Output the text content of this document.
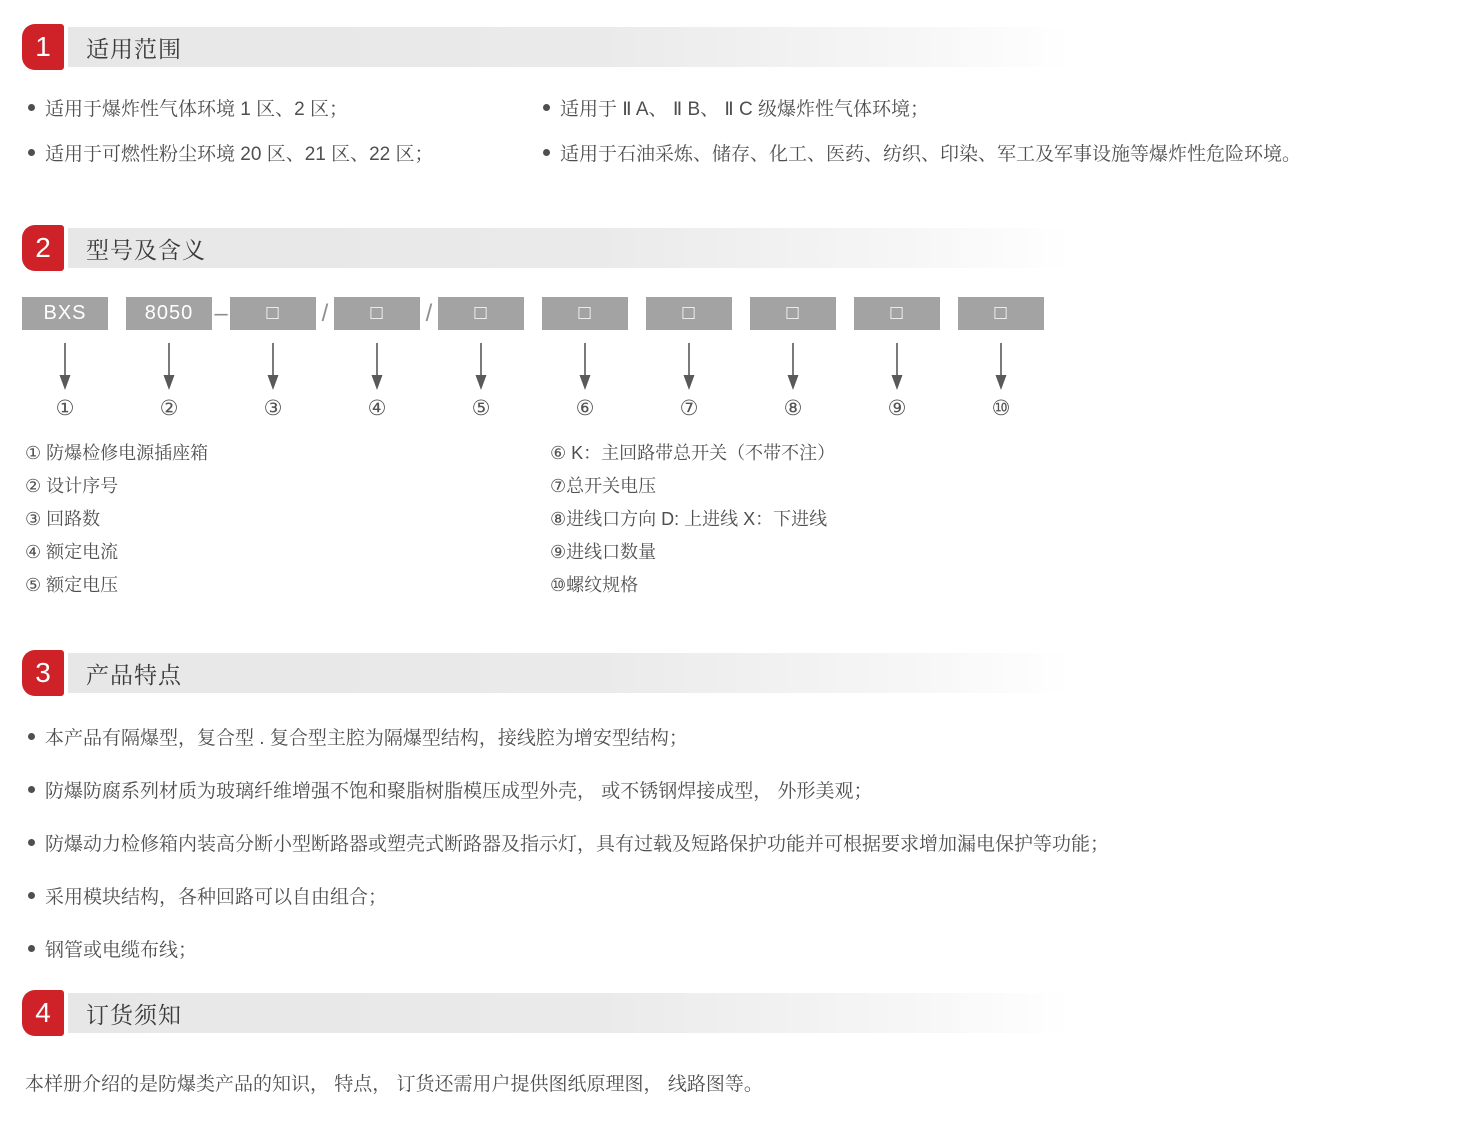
1	适用范围
适用于爆炸性气体环境 1 区、2 区；
适用于可燃性粉尘环境 20 区、21 区、22 区；
适用于 Ⅱ A、 Ⅱ B、 Ⅱ C 级爆炸性气体环境；
适用于石油采炼、储存、化工、医药、纺织、印染、军工及军事设施等爆炸性危险环境。
2	型号及含义
BXS
①
8050
②
–	□
③
/	□
④
/	□
⑤
□
⑥
□
⑦
□
⑧
□
⑨
□
⑩
① 防爆检修电源插座箱
② 设计序号
③ 回路数
④ 额定电流
⑤ 额定电压
⑥ K：主回路带总开关（不带不注）
⑦总开关电压
⑧进线口方向 D: 上进线 X：下进线
⑨进线口数量
⑩螺纹规格
3	产品特点
本产品有隔爆型，复合型 . 复合型主腔为隔爆型结构，接线腔为增安型结构；
防爆防腐系列材质为玻璃纤维增强不饱和聚脂树脂模压成型外壳， 或不锈钢焊接成型， 外形美观；
防爆动力检修箱内装高分断小型断路器或塑壳式断路器及指示灯，具有过载及短路保护功能并可根据要求增加漏电保护等功能；
采用模块结构，各种回路可以自由组合；
钢管或电缆布线；
4	订货须知

本样册介绍的是防爆类产品的知识， 特点， 订货还需用户提供图纸原理图， 线路图等。
